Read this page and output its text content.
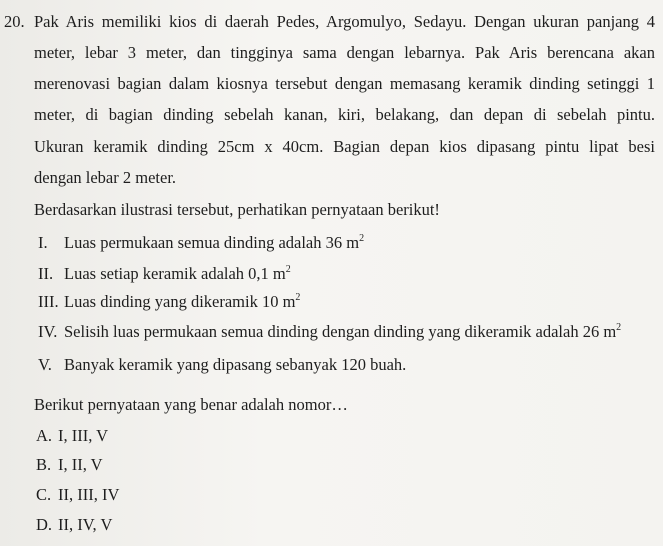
20. Pak Aris memiliki kios di daerah Pedes, Argomulyo, Sedayu. Dengan ukuran panjang 4
meter, lebar 3 meter, dan tingginya sama dengan lebarnya. Pak Aris berencana akan
merenovasi bagian dalam kiosnya tersebut dengan memasang keramik dinding setinggi 1
meter, di bagian dinding sebelah kanan, kiri, belakang, dan depan di sebelah pintu.
Ukuran keramik dinding 25cm x 40cm. Bagian depan kios dipasang pintu lipat besi
dengan lebar 2 meter.
Berdasarkan ilustrasi tersebut, perhatikan pernyataan berikut!
I. Luas permukaan semua dinding adalah 36 $m^2$
II. Luas setiap keramik adalah 0,1 $m^2$
III. Luas dinding yang dikeramik 10 $m^2$
IV. Selisih luas permukaan semua dinding dengan dinding yang dikeramik adalah 26 $m^2$
V. Banyak keramik yang dipasang sebanyak 120 buah.
Berikut pernyataan yang benar adalah nomor…
A. I, III, V
B. I, II, V
C. II, III, IV
D. II, IV, V
